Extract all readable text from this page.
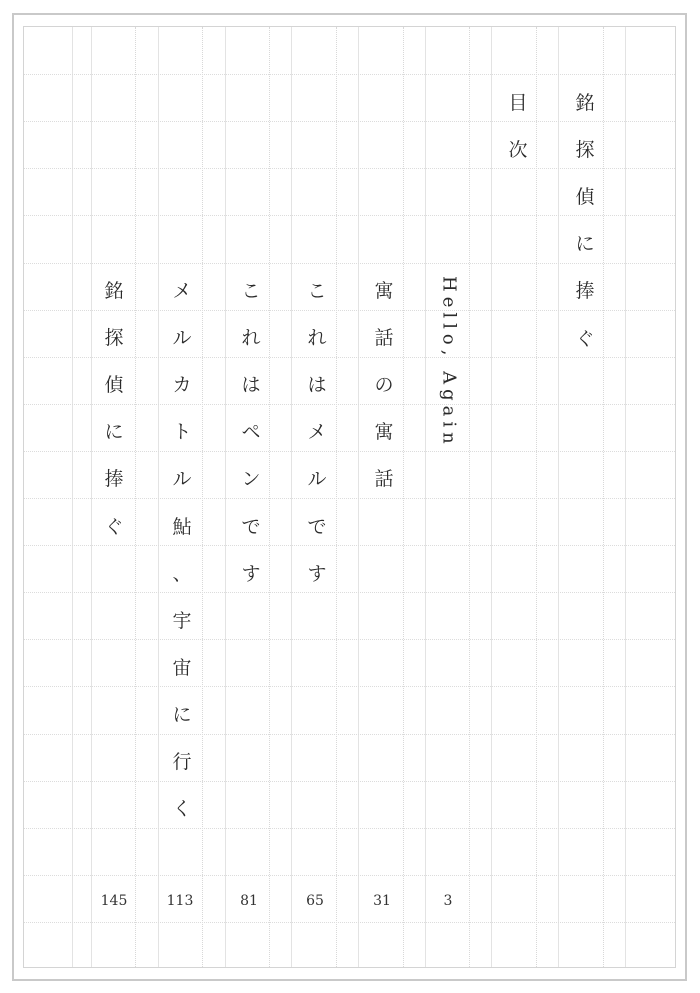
銘
探
偵
に
捧
ぐ
目
次
Hello, Again
寓
話
の
寓
話
こ
れ
は
メ
ル
で
す
こ
れ
は
ペ
ン
で
す
メ
ル
カ
ト
ル
鮎
、
宇
宙
に
行
く
銘
探
偵
に
捧
ぐ
3
31
65
81
113
145
